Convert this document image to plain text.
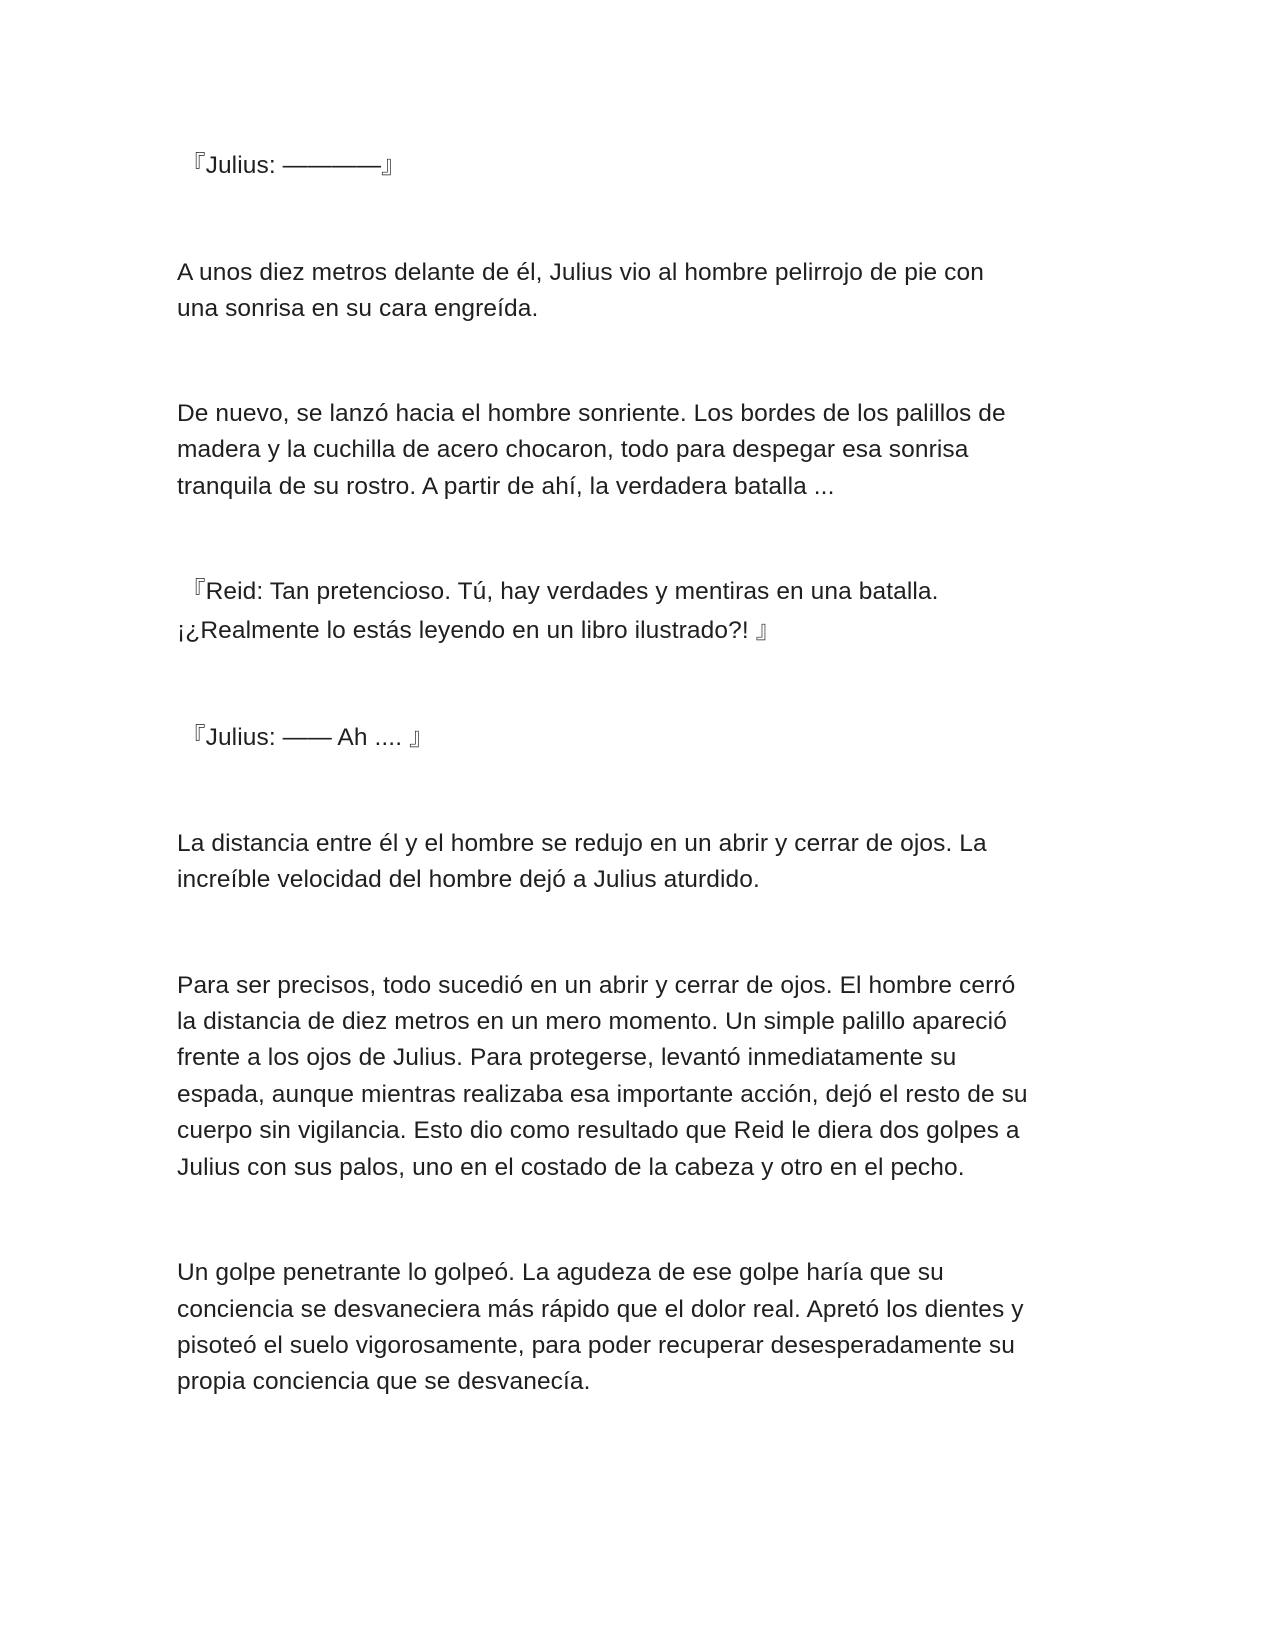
『Julius: ————』

A unos diez metros delante de él, Julius vio al hombre pelirrojo de pie con

una sonrisa en su cara engreída.

De nuevo, se lanzó hacia el hombre sonriente. Los bordes de los palillos de

madera y la cuchilla de acero chocaron, todo para despegar esa sonrisa

tranquila de su rostro. A partir de ahí, la verdadera batalla ...

『Reid: Tan pretencioso. Tú, hay verdades y mentiras en una batalla.

¡¿Realmente lo estás leyendo en un libro ilustrado?! 』

『Julius: —— Ah .... 』

La distancia entre él y el hombre se redujo en un abrir y cerrar de ojos. La

increíble velocidad del hombre dejó a Julius aturdido.

Para ser precisos, todo sucedió en un abrir y cerrar de ojos. El hombre cerró

la distancia de diez metros en un mero momento. Un simple palillo apareció

frente a los ojos de Julius. Para protegerse, levantó inmediatamente su

espada, aunque mientras realizaba esa importante acción, dejó el resto de su

cuerpo sin vigilancia. Esto dio como resultado que Reid le diera dos golpes a

Julius con sus palos, uno en el costado de la cabeza y otro en el pecho.

Un golpe penetrante lo golpeó. La agudeza de ese golpe haría que su

conciencia se desvaneciera más rápido que el dolor real. Apretó los dientes y

pisoteó el suelo vigorosamente, para poder recuperar desesperadamente su

propia conciencia que se desvanecía.
